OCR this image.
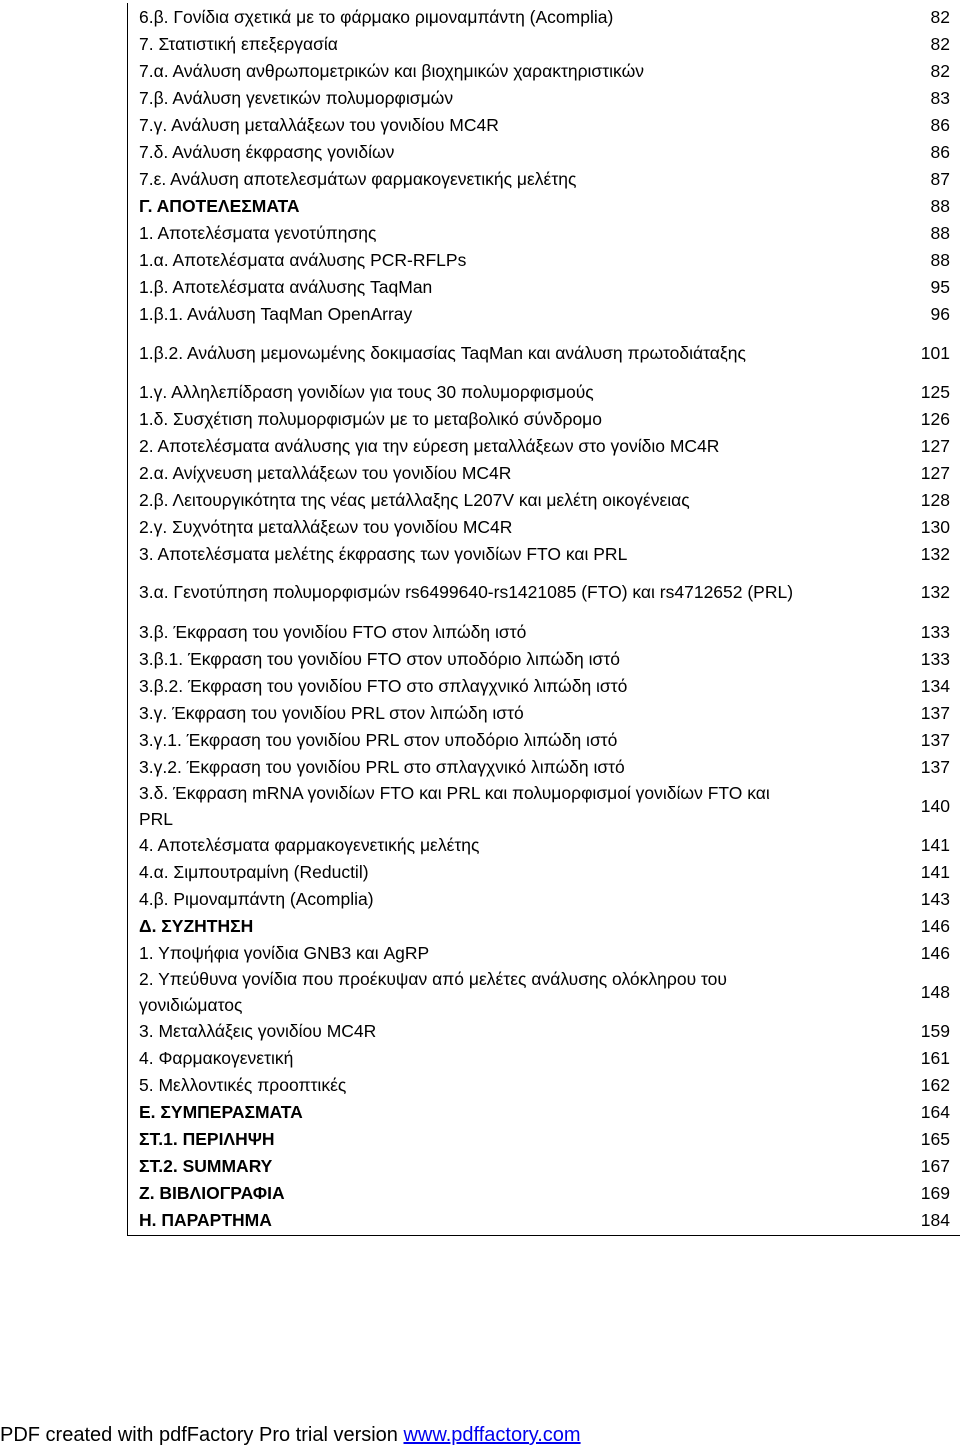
6.β. Γονίδια σχετικά με το φάρμακο ριμοναμπάντη (Acomplia)	82
7. Στατιστική επεξεργασία	82
7.α. Ανάλυση ανθρωπομετρικών και βιοχημικών χαρακτηριστικών	82
7.β. Ανάλυση γενετικών πολυμορφισμών	83
7.γ. Ανάλυση μεταλλάξεων του γονιδίου MC4R	86
7.δ. Ανάλυση έκφρασης γονιδίων	86
7.ε. Ανάλυση αποτελεσμάτων φαρμακογενετικής μελέτης	87
Γ. ΑΠΟΤΕΛΕΣΜΑΤΑ	88
1. Αποτελέσματα γενοτύπησης	88
1.α. Αποτελέσματα ανάλυσης PCR-RFLPs	88
1.β. Αποτελέσματα ανάλυσης TaqMan	95
1.β.1. Ανάλυση TaqMan OpenArray	96
1.β.2. Ανάλυση μεμονωμένης δοκιμασίας TaqMan και ανάλυση πρωτοδιάταξης	101
1.γ. Αλληλεπίδραση γονιδίων για τους 30 πολυμορφισμούς	125
1.δ. Συσχέτιση πολυμορφισμών με το μεταβολικό σύνδρομο	126
2. Αποτελέσματα ανάλυσης για την εύρεση μεταλλάξεων στο γονίδιο MC4R	127
2.α. Ανίχνευση μεταλλάξεων του γονιδίου MC4R	127
2.β. Λειτουργικότητα της νέας μετάλλαξης L207V και μελέτη οικογένειας	128
2.γ. Συχνότητα μεταλλάξεων του γονιδίου MC4R	130
3. Αποτελέσματα μελέτης έκφρασης των γονιδίων FTO και PRL	132
3.α. Γενοτύπηση πολυμορφισμών rs6499640-rs1421085 (FTO) και rs4712652 (PRL)	132
3.β. Έκφραση του γονιδίου FTO στον λιπώδη ιστό	133
3.β.1. Έκφραση του γονιδίου FTO στον υποδόριο λιπώδη ιστό	133
3.β.2. Έκφραση του γονιδίου FTO στο σπλαγχνικό λιπώδη ιστό	134
3.γ. Έκφραση του γονιδίου PRL στον λιπώδη ιστό	137
3.γ.1. Έκφραση του γονιδίου PRL στον υποδόριο λιπώδη ιστό	137
3.γ.2. Έκφραση του γονιδίου PRL στο σπλαγχνικό λιπώδη ιστό	137
3.δ. Έκφραση mRNA γονιδίων FTO και PRL και πολυμορφισμοί γονιδίων FTO και PRL
140
4. Αποτελέσματα φαρμακογενετικής μελέτης	141
4.α. Σιμπουτραμίνη (Reductil)	141
4.β. Ριμοναμπάντη (Acomplia)	143
Δ. ΣΥΖΗΤΗΣΗ	146
1. Υποψήφια γονίδια GNB3 και AgRP	146
2. Υπεύθυνα γονίδια που προέκυψαν από μελέτες ανάλυσης ολόκληρου του γονιδιώματος
148
3. Μεταλλάξεις γονιδίου MC4R	159
4. Φαρμακογενετική	161
5. Μελλοντικές προοπτικές	162
Ε. ΣΥΜΠΕΡΑΣΜΑΤΑ	164
ΣΤ.1. ΠΕΡΙΛΗΨΗ	165
ΣΤ.2. SUMMARY	167
Ζ. ΒΙΒΛΙΟΓΡΑΦΙΑ	169
Η. ΠΑΡΑΡΤΗΜΑ	184
PDF created with pdfFactory Pro trial version www.pdffactory.com
